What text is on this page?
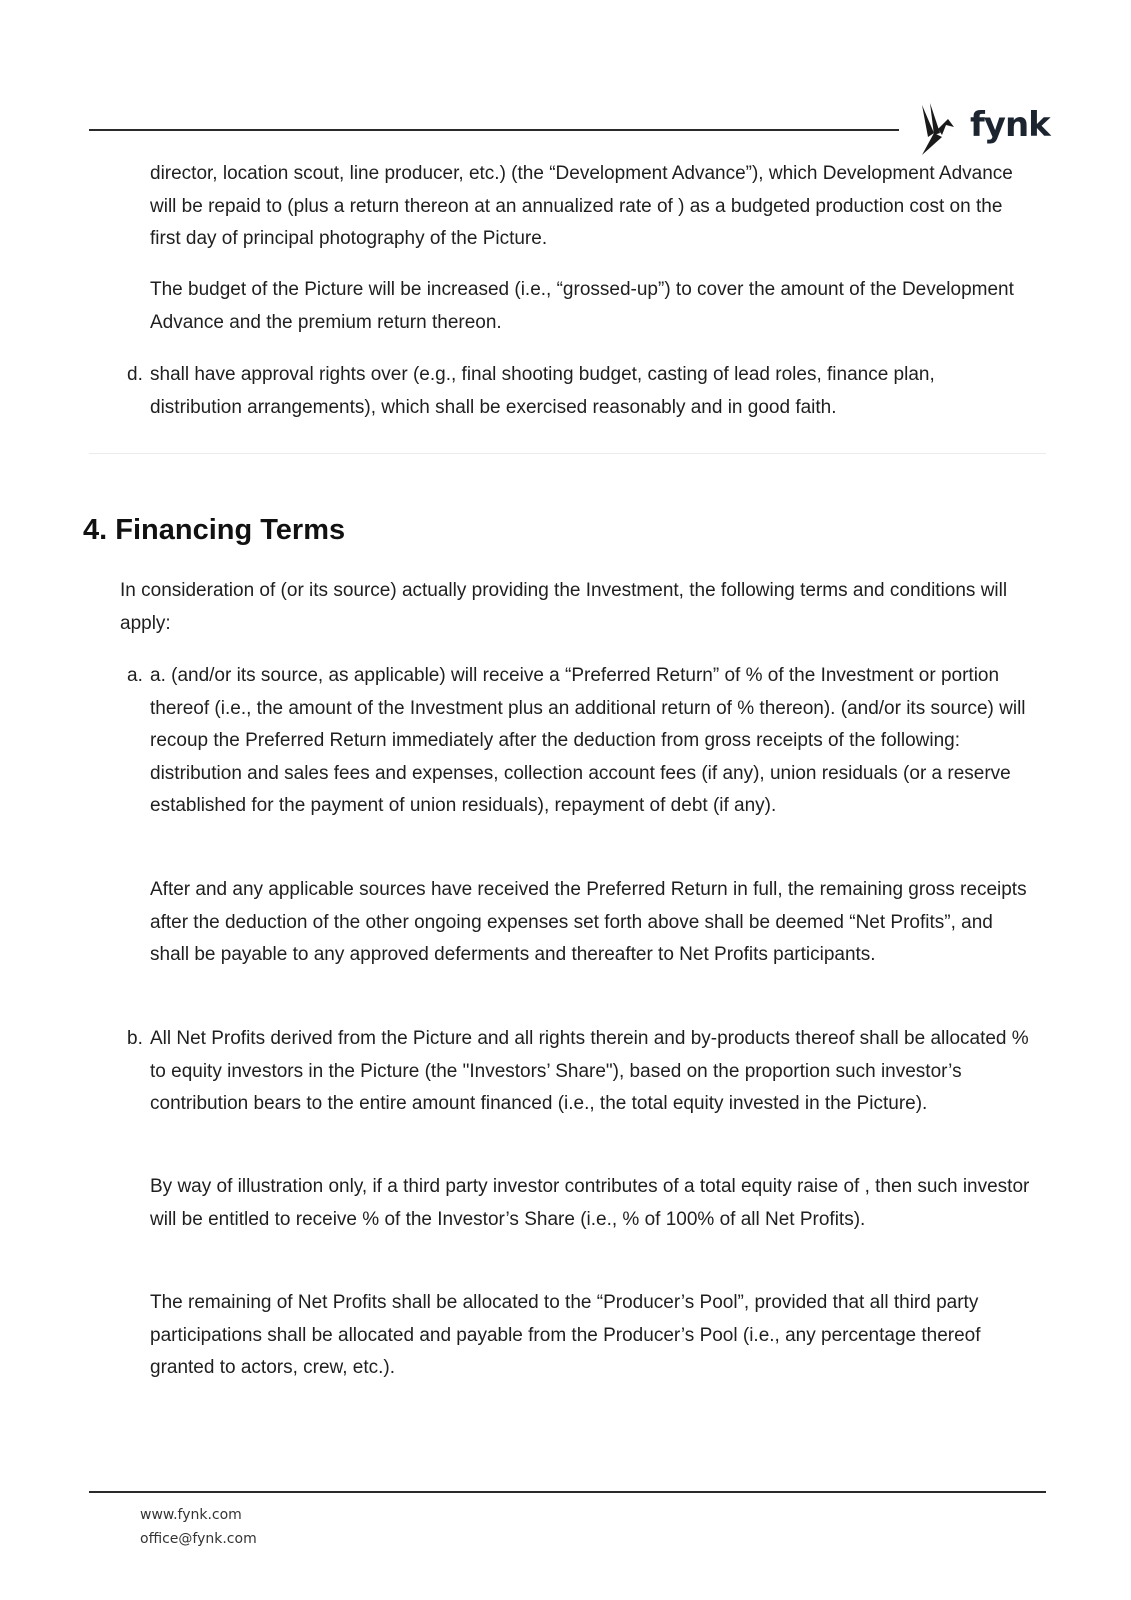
fynk
director, location scout, line producer, etc.) (the “Development Advance”), which Development Advance will be repaid to (plus a return thereon at an annualized rate of ) as a budgeted production cost on the first day of principal photography of the Picture.
The budget of the Picture will be increased (i.e., “grossed-up”) to cover the amount of the Development Advance and the premium return thereon.
d. shall have approval rights over (e.g., final shooting budget, casting of lead roles, finance plan, distribution arrangements), which shall be exercised reasonably and in good faith.
4. Financing Terms
In consideration of (or its source) actually providing the Investment, the following terms and conditions will apply:
a. a. (and/or its source, as applicable) will receive a “Preferred Return” of % of the Investment or portion thereof (i.e., the amount of the Investment plus an additional return of % thereon). (and/or its source) will recoup the Preferred Return immediately after the deduction from gross receipts of the following: distribution and sales fees and expenses, collection account fees (if any), union residuals (or a reserve established for the payment of union residuals), repayment of debt (if any).
After and any applicable sources have received the Preferred Return in full, the remaining gross receipts after the deduction of the other ongoing expenses set forth above shall be deemed “Net Profits”, and shall be payable to any approved deferments and thereafter to Net Profits participants.
b. All Net Profits derived from the Picture and all rights therein and by-products thereof shall be allocated % to equity investors in the Picture (the "Investors’ Share"), based on the proportion such investor’s contribution bears to the entire amount financed (i.e., the total equity invested in the Picture).
By way of illustration only, if a third party investor contributes of a total equity raise of , then such investor will be entitled to receive % of the Investor’s Share (i.e., % of 100% of all Net Profits).
The remaining of Net Profits shall be allocated to the “Producer’s Pool”, provided that all third party participations shall be allocated and payable from the Producer’s Pool (i.e., any percentage thereof granted to actors, crew, etc.).
www.fynk.com
office@fynk.com
